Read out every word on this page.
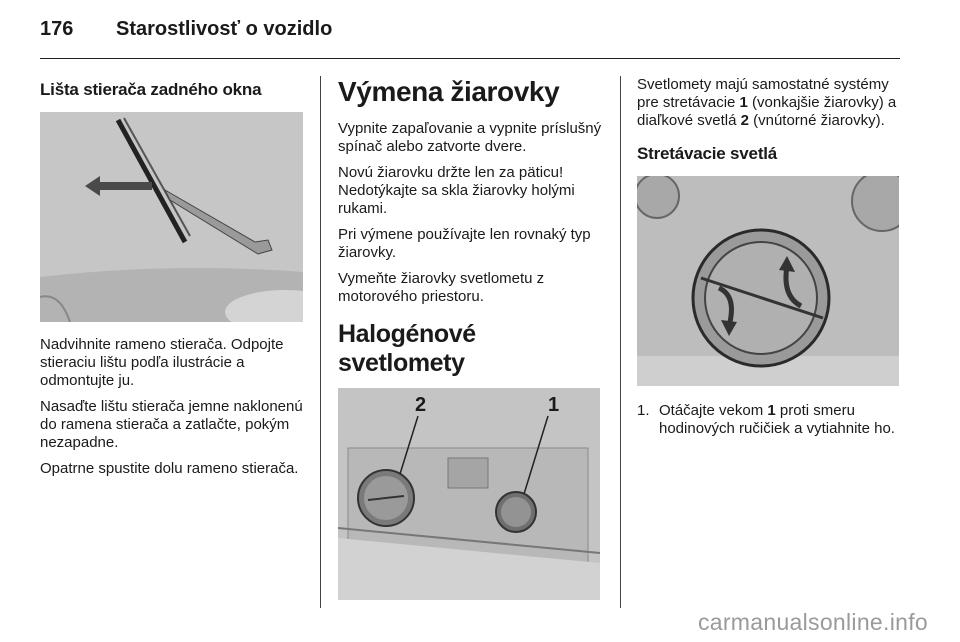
176	Starostlivosť o vozidlo
Lišta stierača zadného okna

Nadvihnite rameno stierača. Odpojte stieraciu lištu podľa ilustrácie a odmontujte ju.

Nasaďte lištu stierača jemne naklonenú do ramena stierača a zatlačte, pokým nezapadne.

Opatrne spustite dolu rameno stierača.

Výmena žiarovky

Vypnite zapaľovanie a vypnite príslušný spínač alebo zatvorte dvere.

Novú žiarovku držte len za päticu! Nedotýkajte sa skla žiarovky holými rukami.

Pri výmene používajte len rovnaký typ žiarovky.

Vymeňte žiarovky svetlometu z motorového priestoru.

Halogénové svetlomety
2	1

Svetlomety majú samostatné systémy pre stretávacie 1 (vonkajšie žiarovky) a diaľkové svetlá 2 (vnútorné žiarovky).

Stretávacie svetlá
1. Otáčajte vekom 1 proti smeru hodinových ručičiek a vytiahnite ho.
carmanualsonline.info
